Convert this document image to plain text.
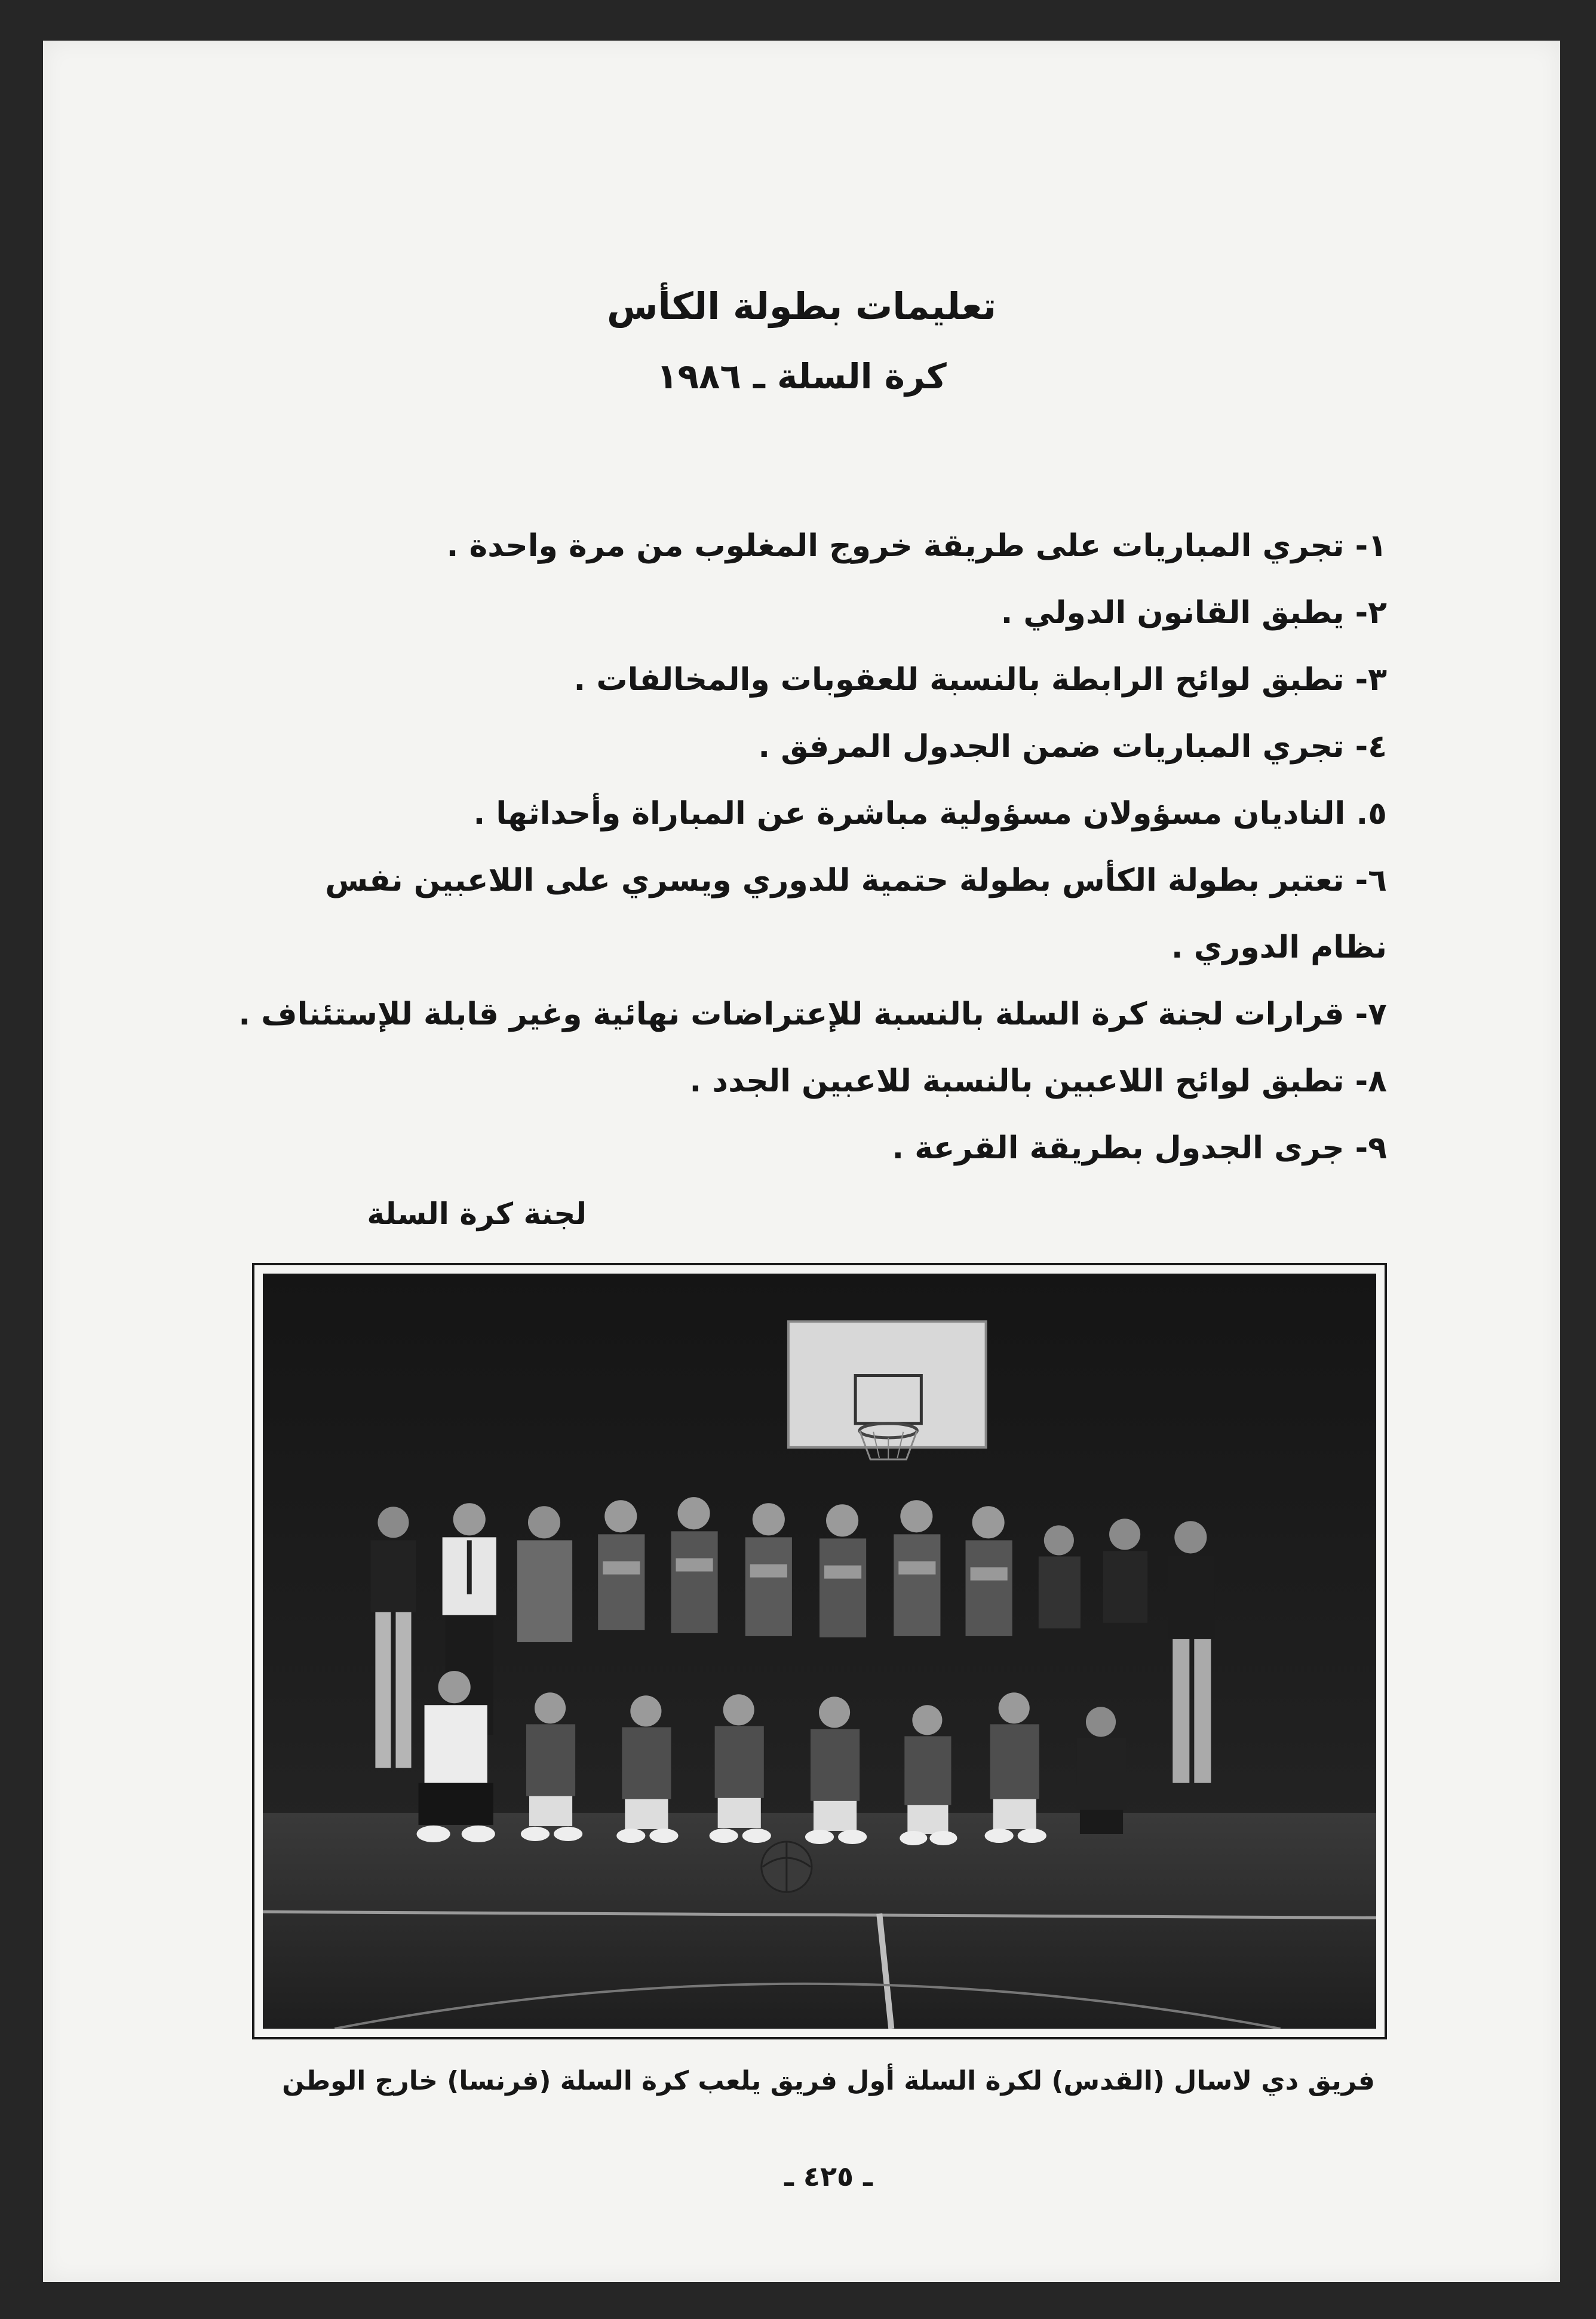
تعليمات بطولة الكأس
كرة السلة ـ ١٩٨٦
١- تجري المباريات على طريقة خروج المغلوب من مرة واحدة .
٢- يطبق القانون الدولي .
٣- تطبق لوائح الرابطة بالنسبة للعقوبات والمخالفات .
٤- تجري المباريات ضمن الجدول المرفق .
٥. الناديان مسؤولان مسؤولية مباشرة عن المباراة وأحداثها .
٦- تعتبر بطولة الكأس بطولة حتمية للدوري ويسري على اللاعبين نفس نظام الدوري .
٧- قرارات لجنة كرة السلة بالنسبة للإعتراضات نهائية وغير قابلة للإستئناف .
٨- تطبق لوائح اللاعبين بالنسبة للاعبين الجدد .
٩- جرى الجدول بطريقة القرعة .
لجنة كرة السلة
فريق دي لاسال (القدس) لكرة السلة أول فريق يلعب كرة السلة (فرنسا) خارج الوطن
ـ ٤٢٥ ـ
